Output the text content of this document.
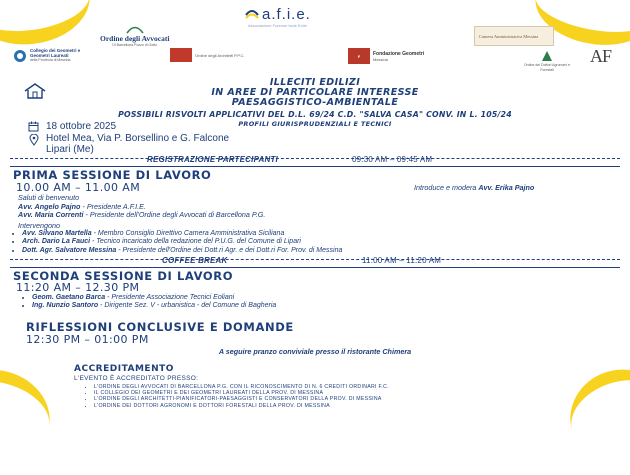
Ordine degli Avvocati
Di Barcellona Pozzo di Gotto
a.f.i.e.
Associazione Forense Isole Eolie
Camera Amministrativa Messina
Collegio dei Geometri e Geometri Laureati
della Provincia di Messina
Ordine degli Architetti P.P.C.	F	Fondazione Geometri
Messina
Ordine dei Dottori Agronomi e Forestali
AF
ILLECITI EDILIZI
IN AREE DI PARTICOLARE INTERESSE
PAESAGGISTICO-AMBIENTALE
POSSIBILI RISVOLTI APPLICATIVI DEL D.L. 69/24 C.D. "SALVA CASA" CONV. IN L. 105/24
PROFILI GIURISPRUDENZIALI E TECNICI
18 ottobre 2025
Hotel Mea, Via P. Borsellino e G. Falcone
Lipari (Me)
REGISTRAZIONE PARTECIPANTI	09:30 AM – 09:45 AM
PRIMA SESSIONE DI LAVORO
10.00 AM – 11.00 AM	Introduce e modera Avv. Erika Pajno
Saluti di benvenuto
Avv. Angelo Pajno - Presidente A.F.I.E.
Avv. Maria Correnti - Presidente dell'Ordine degli Avvocati di Barcellona P.G.
Intervengono
• Avv. Silvano Martella - Membro Consiglio Direttivo Camera Amministrativa Siciliana
• Arch. Dario La Fauci - Tecnico incaricato della redazione del P.U.G. del Comune di Lipari
• Dott. Agr. Salvatore Messina - Presidente dell'Ordine dei Dott.ri Agr. e dei Dott.ri For. Prov. di Messina
COFFEE BREAK	11:00 AM – 11:20 AM
SECONDA SESSIONE DI LAVORO
11:20 AM – 12.30 PM
• Geom. Gaetano Barca - Presidente Associazione Tecnici Eoliani
• Ing. Nunzio Santoro - Dirigente Sez. V - urbanistica - del Comune di Bagheria
RIFLESSIONI CONCLUSIVE E DOMANDE
12:30 PM – 01:00 PM
A seguire pranzo conviviale presso il ristorante Chimera
ACCREDITAMENTO
L'EVENTO È ACCREDITATO PRESSO:
• L'ORDINE DEGLI AVVOCATI DI BARCELLONA P.G. CON IL RICONOSCIMENTO DI N. 6 CREDITI ORDINARI F.C.
• IL COLLEGIO DEI GEOMETRI E DEI GEOMETRI LAUREATI DELLA PROV. DI MESSINA
• L'ORDINE DEGLI ARCHITETTI-PIANIFICATORI-PAESAGGISTI E CONSERVATORI DELLA PROV. DI MESSINA
• L'ORDINE DEI DOTTORI AGRONOMI E DOTTORI FORESTALI DELLA PROV. DI MESSINA
